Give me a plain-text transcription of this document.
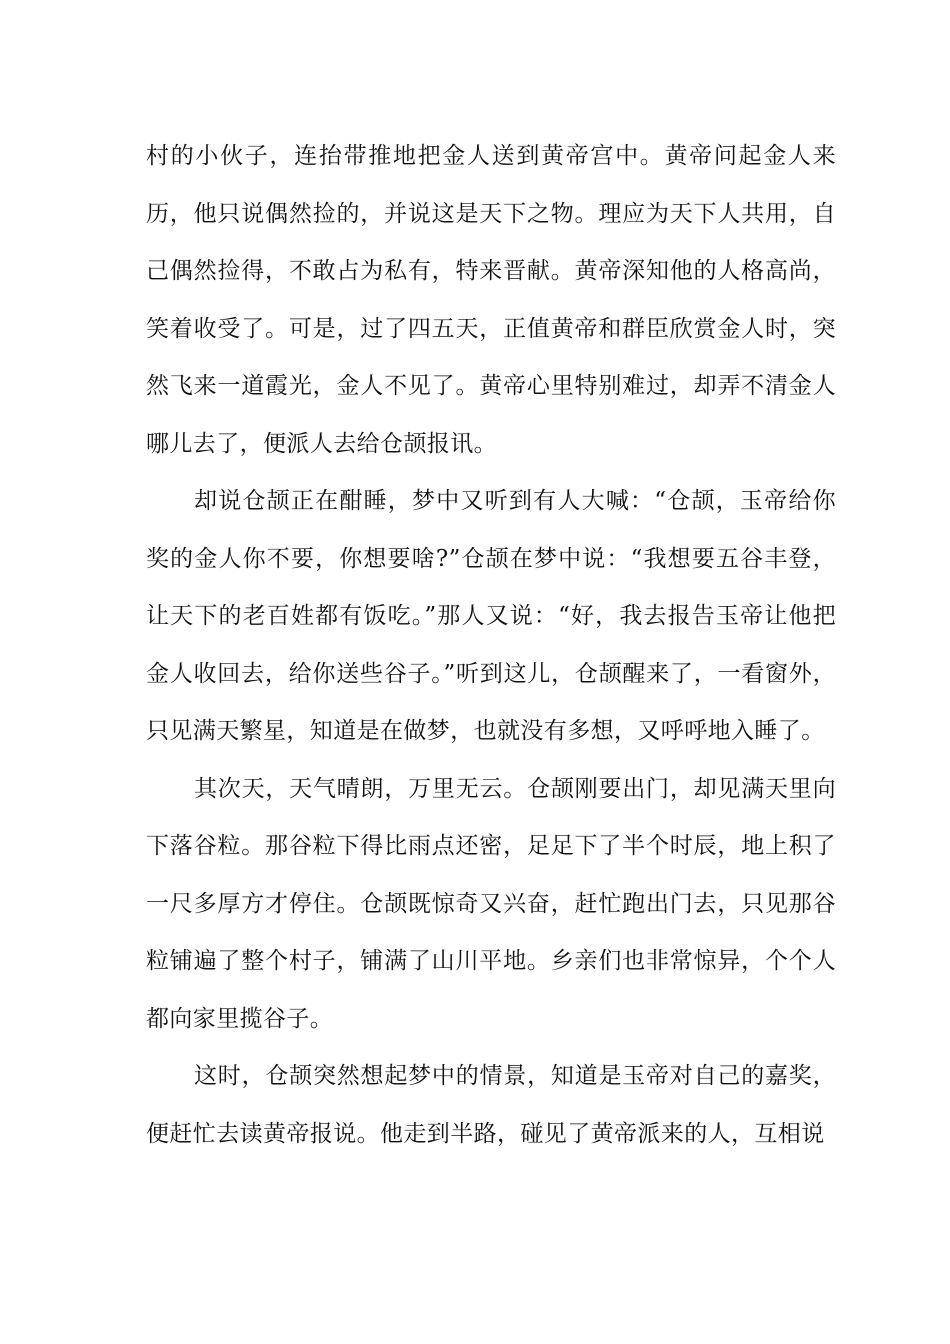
村的小伙子，连抬带推地把金人送到黄帝宫中。黄帝问起金人来历，他只说偶然捡的，并说这是天下之物。理应为天下人共用，自己偶然捡得，不敢占为私有，特来晋献。黄帝深知他的人格高尚，笑着收受了。可是，过了四五天，正值黄帝和群臣欣赏金人时，突然飞来一道霞光，金人不见了。黄帝心里特别难过，却弄不清金人哪儿去了，便派人去给仓颉报讯。

却说仓颉正在酣睡，梦中又听到有人大喊：“仓颉，玉帝给你奖的金人你不要，你想要啥?”仓颉在梦中说：“我想要五谷丰登，让天下的老百姓都有饭吃。”那人又说：“好，我去报告玉帝让他把金人收回去，给你送些谷子。”听到这儿，仓颉醒来了，一看窗外，只见满天繁星，知道是在做梦，也就没有多想，又呼呼地入睡了。

其次天，天气晴朗，万里无云。仓颉刚要出门，却见满天里向下落谷粒。那谷粒下得比雨点还密，足足下了半个时辰，地上积了一尺多厚方才停住。仓颉既惊奇又兴奋，赶忙跑出门去，只见那谷粒铺遍了整个村子，铺满了山川平地。乡亲们也非常惊异，个个人都向家里揽谷子。

这时，仓颉突然想起梦中的情景，知道是玉帝对自己的嘉奖，便赶忙去读黄帝报说。他走到半路，碰见了黄帝派来的人，互相说
